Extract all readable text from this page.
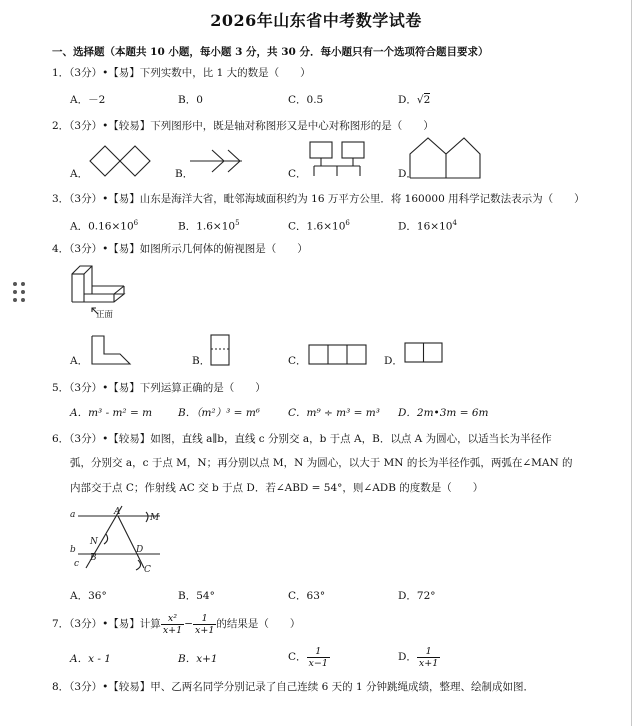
2026年山东省中考数学试卷
一、选择题（本题共 10 小题，每小题 3 分，共 30 分．每小题只有一个选项符合题目要求）
1．（3分）•【易】下列实数中，比 1 大的数是（　　）
A．－2	B．0	C．0.5	D．√2
2．（3分）•【较易】下列图形中，既是轴对称图形又是中心对称图形的是（　　）
A．	B．	C．	D．
3．（3分）•【易】山东是海洋大省，毗邻海域面积约为 16 万平方公里．将 160000 用科学记数法表示为（　　）
A．$0.16\times 10^6$	B．$1.6\times 10^5$	C．$1.6\times 10^6$	D．$16\times 10^4$
4．（3分）•【易】如图所示几何体的俯视图是（　　）
正面
A．	B．	C．	D．
5．（3分）•【易】下列运算正确的是（　　）
A．m³ - m² = m B．（m²）³ = m⁶	C．m⁹ ÷ m³ = m³ D．2m•3m = 6m
6．（3分）•【较易】如图，直线 a∥b，直线 c 分别交 a，b 于点 A，B．以点 A 为圆心，以适当长为半径作
弧，分别交 a，c 于点 M，N；再分别以点 M，N 为圆心，以大于 MN 的长为半径作弧，两弧在∠MAN 的
内部交于点 C；作射线 AC 交 b 于点 D．若∠ABD = 54°，则∠ADB 的度数是（　　）
a	A
M
N
b
B
D
c
C
A．36°	B．54°	C．63°	D．72°
7．（3分）•【易】计算 $\frac{\text{x²}}{x+1} - \frac{1}{x+1}$ 的结果是（　　）
A．x - 1	B．x+1	C． $\frac{1}{x-1}$	D． $\frac{1}{x+1}$
8．（3分）•【较易】甲、乙两名同学分别记录了自己连续 6 天的 1 分钟跳绳成绩，整理、绘制成如图．
